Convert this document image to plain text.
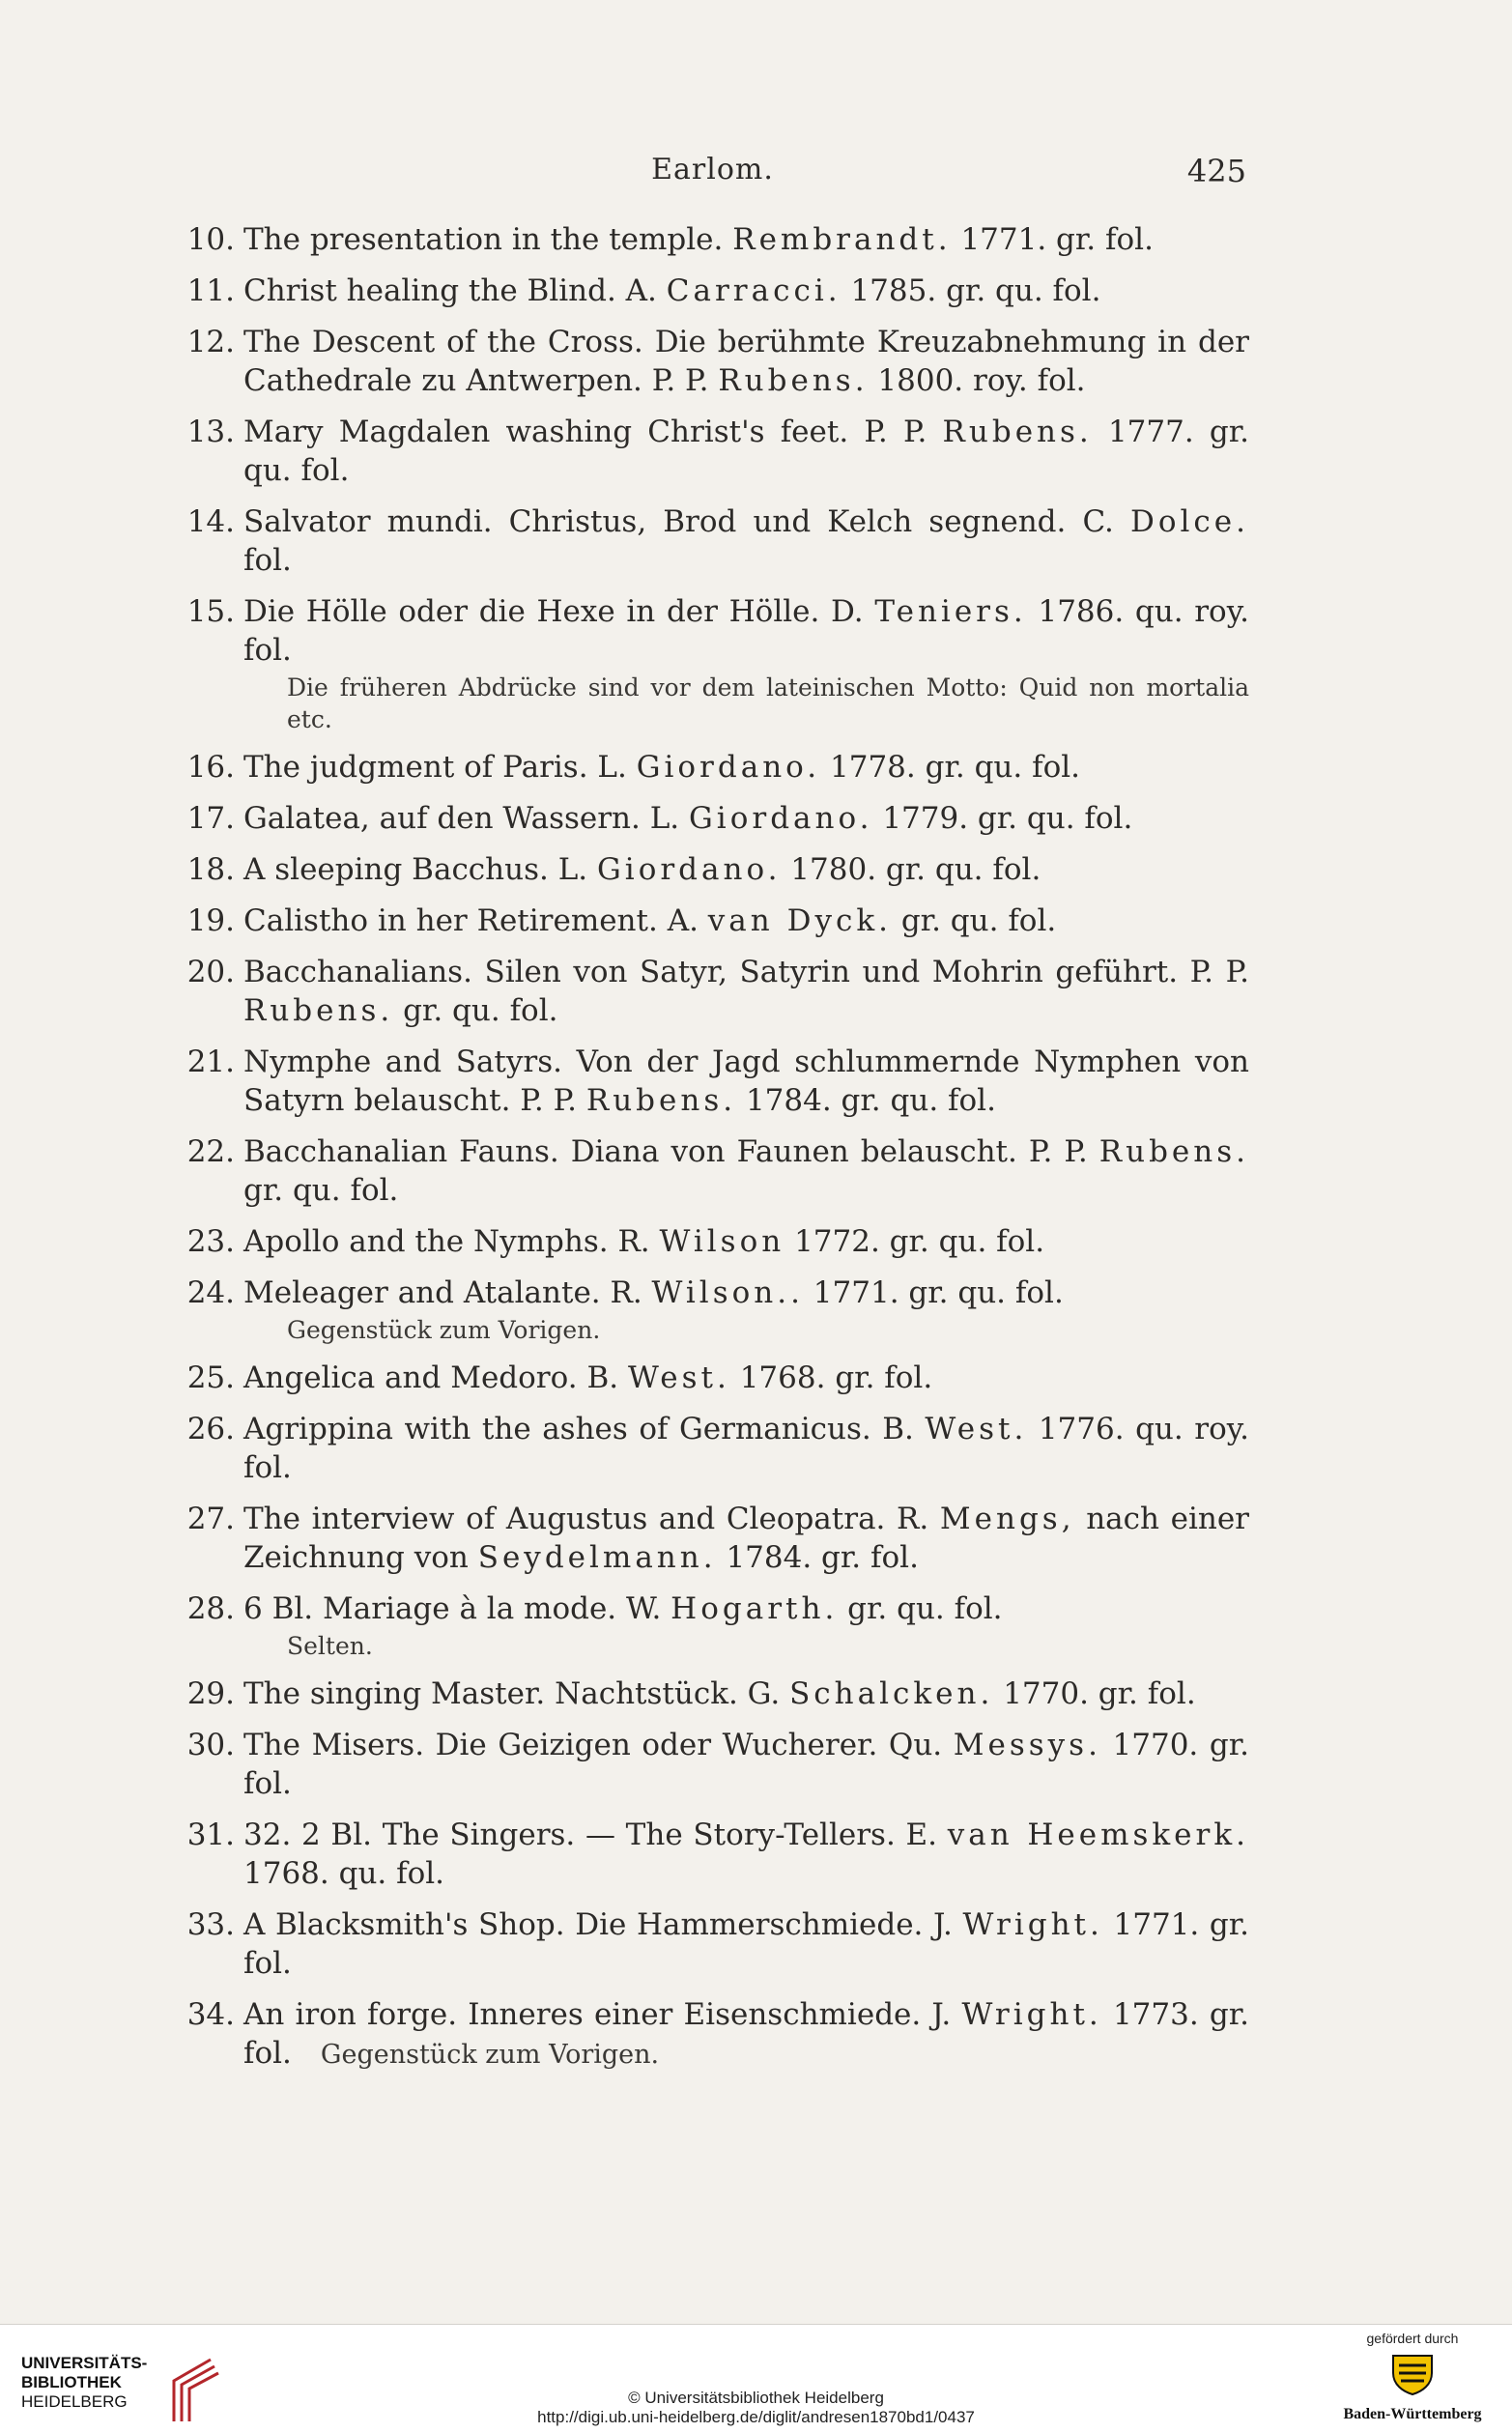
Earlom.	425
10. The presentation in the temple. Rembrandt. 1771. gr. fol.
11. Christ healing the Blind. A. Carracci. 1785. gr. qu. fol.
12. The Descent of the Cross. Die berühmte Kreuzabnehmung in der Cathedrale zu Antwerpen. P. P. Rubens. 1800. roy. fol.
13. Mary Magdalen washing Christ's feet. P. P. Rubens. 1777. gr. qu. fol.
14. Salvator mundi. Christus, Brod und Kelch segnend. C. Dolce. fol.
15. Die Hölle oder die Hexe in der Hölle. D. Teniers. 1786. qu. roy. fol.
Die früheren Abdrücke sind vor dem lateinischen Motto: Quid non mortalia etc.
16. The judgment of Paris. L. Giordano. 1778. gr. qu. fol.
17. Galatea, auf den Wassern. L. Giordano. 1779. gr. qu. fol.
18. A sleeping Bacchus. L. Giordano. 1780. gr. qu. fol.
19. Calistho in her Retirement. A. van Dyck. gr. qu. fol.
20. Bacchanalians. Silen von Satyr, Satyrin und Mohrin geführt. P. P. Rubens. gr. qu. fol.
21. Nymphe and Satyrs. Von der Jagd schlummernde Nymphen von Satyrn belauscht. P. P. Rubens. 1784. gr. qu. fol.
22. Bacchanalian Fauns. Diana von Faunen belauscht. P. P. Rubens. gr. qu. fol.
23. Apollo and the Nymphs. R. Wilson 1772. gr. qu. fol.
24. Meleager and Atalante. R. Wilson.. 1771. gr. qu. fol.
Gegenstück zum Vorigen.
25. Angelica and Medoro. B. West. 1768. gr. fol.
26. Agrippina with the ashes of Germanicus. B. West. 1776. qu. roy. fol.
27. The interview of Augustus and Cleopatra. R. Mengs, nach einer Zeichnung von Seydelmann. 1784. gr. fol.
28. 6 Bl. Mariage à la mode. W. Hogarth. gr. qu. fol.
Selten.
29. The singing Master. Nachtstück. G. Schalcken. 1770. gr. fol.
30. The Misers. Die Geizigen oder Wucherer. Qu. Messys. 1770. gr. fol.
31. 32. 2 Bl. The Singers. — The Story-Tellers. E. van Heemskerk. 1768. qu. fol.
33. A Blacksmith's Shop. Die Hammerschmiede. J. Wright. 1771. gr. fol.
34. An iron forge. Inneres einer Eisenschmiede. J. Wright. 1773. gr. fol. Gegenstück zum Vorigen.
UNIVERSITÄTS-
BIBLIOTHEK
HEIDELBERG	© Universitätsbibliothek Heidelberg
http://digi.ub.uni-heidelberg.de/diglit/andresen1870bd1/0437
gefördert durch
Baden-Württemberg
